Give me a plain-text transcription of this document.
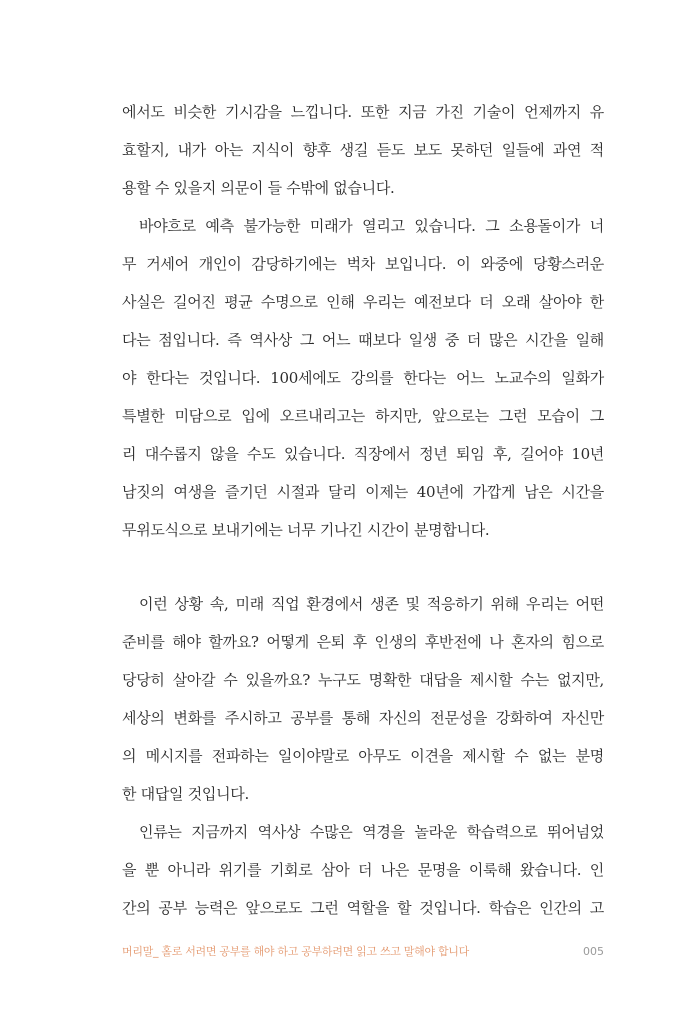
에서도 비슷한 기시감을 느낍니다. 또한 지금 가진 기술이 언제까지 유
효할지, 내가 아는 지식이 향후 생길 듣도 보도 못하던 일들에 과연 적
용할 수 있을지 의문이 들 수밖에 없습니다.
바야흐로 예측 불가능한 미래가 열리고 있습니다. 그 소용돌이가 너
무 거세어 개인이 감당하기에는 벅차 보입니다. 이 와중에 당황스러운
사실은 길어진 평균 수명으로 인해 우리는 예전보다 더 오래 살아야 한
다는 점입니다. 즉 역사상 그 어느 때보다 일생 중 더 많은 시간을 일해
야 한다는 것입니다. 100세에도 강의를 한다는 어느 노교수의 일화가
특별한 미담으로 입에 오르내리고는 하지만, 앞으로는 그런 모습이 그
리 대수롭지 않을 수도 있습니다. 직장에서 정년 퇴임 후, 길어야 10년
남짓의 여생을 즐기던 시절과 달리 이제는 40년에 가깝게 남은 시간을
무위도식으로 보내기에는 너무 기나긴 시간이 분명합니다.
이런 상황 속, 미래 직업 환경에서 생존 및 적응하기 위해 우리는 어떤
준비를 해야 할까요? 어떻게 은퇴 후 인생의 후반전에 나 혼자의 힘으로
당당히 살아갈 수 있을까요? 누구도 명확한 대답을 제시할 수는 없지만,
세상의 변화를 주시하고 공부를 통해 자신의 전문성을 강화하여 자신만
의 메시지를 전파하는 일이야말로 아무도 이견을 제시할 수 없는 분명
한 대답일 것입니다.
인류는 지금까지 역사상 수많은 역경을 놀라운 학습력으로 뛰어넘었
을 뿐 아니라 위기를 기회로 삼아 더 나은 문명을 이룩해 왔습니다. 인
간의 공부 능력은 앞으로도 그런 역할을 할 것입니다. 학습은 인간의 고
머리말_ 홀로 서려면 공부를 해야 하고 공부하려면 읽고 쓰고 말해야 합니다	005
